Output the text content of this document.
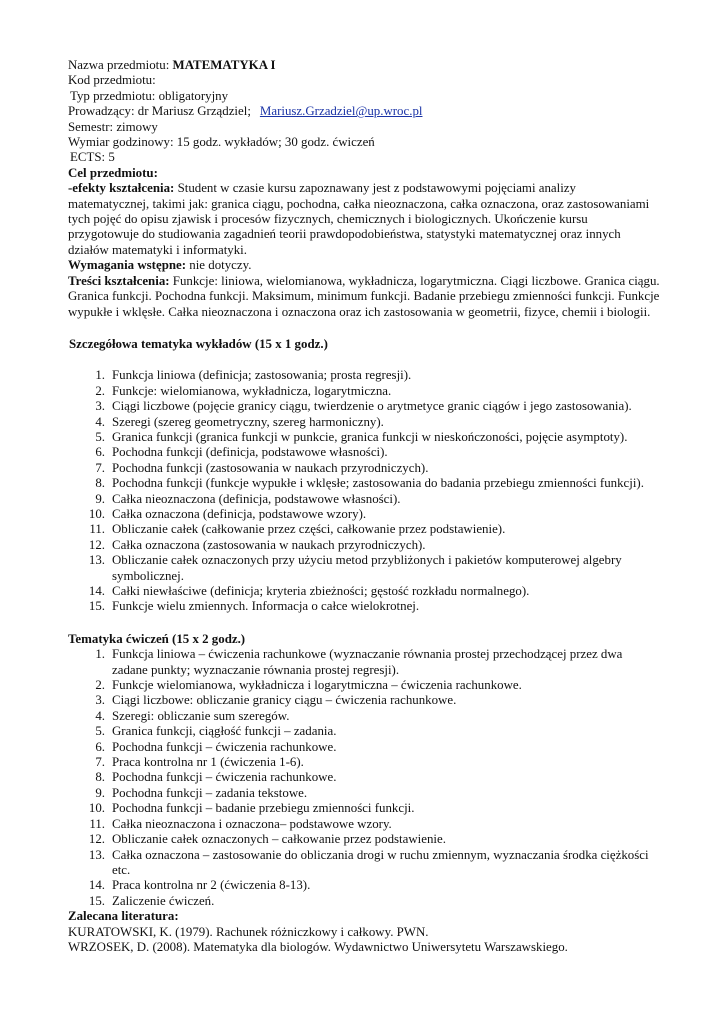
Nazwa przedmiotu: MATEMATYKA I
Kod przedmiotu:
Typ przedmiotu: obligatoryjny
Prowadzący: dr Mariusz Grządziel; Mariusz.Grzadziel@up.wroc.pl
Semestr: zimowy
Wymiar godzinowy: 15 godz. wykładów; 30 godz. ćwiczeń
ECTS: 5
Cel przedmiotu:
-efekty kształcenia: Student w czasie kursu zapoznawany jest z podstawowymi pojęciami analizy matematycznej, takimi jak: granica ciągu, pochodna, całka nieoznaczona, całka oznaczona, oraz zastosowaniami tych pojęć do opisu zjawisk i procesów fizycznych, chemicznych i biologicznych. Ukończenie kursu przygotowuje do studiowania zagadnień teorii prawdopodobieństwa, statystyki matematycznej oraz innych działów matematyki i informatyki.
Wymagania wstępne: nie dotyczy.
Treści kształcenia: Funkcje: liniowa, wielomianowa, wykładnicza, logarytmiczna. Ciągi liczbowe. Granica ciągu. Granica funkcji. Pochodna funkcji. Maksimum, minimum funkcji. Badanie przebiegu zmienności funkcji. Funkcje wypukłe i wklęsłe. Całka nieoznaczona i oznaczona oraz ich zastosowania w geometrii, fizyce, chemii i biologii.
Szczegółowa tematyka wykładów (15 x 1 godz.)
1. Funkcja liniowa (definicja; zastosowania; prosta regresji).
2. Funkcje: wielomianowa, wykładnicza, logarytmiczna.
3. Ciągi liczbowe (pojęcie granicy ciągu, twierdzenie o arytmetyce granic ciągów i jego zastosowania).
4. Szeregi (szereg geometryczny, szereg harmoniczny).
5. Granica funkcji (granica funkcji w punkcie, granica funkcji w nieskończoności, pojęcie asymptoty).
6. Pochodna funkcji (definicja, podstawowe własności).
7. Pochodna funkcji (zastosowania w naukach przyrodniczych).
8. Pochodna funkcji (funkcje wypukłe i wklęsłe; zastosowania do badania przebiegu zmienności funkcji).
9. Całka nieoznaczona (definicja, podstawowe własności).
10. Całka oznaczona (definicja, podstawowe wzory).
11. Obliczanie całek (całkowanie przez części, całkowanie przez podstawienie).
12. Całka oznaczona (zastosowania w naukach przyrodniczych).
13. Obliczanie całek oznaczonych przy użyciu metod przybliżonych i pakietów komputerowej algebry symbolicznej.
14. Całki niewłaściwe (definicja; kryteria zbieżności; gęstość rozkładu normalnego).
15. Funkcje wielu zmiennych. Informacja o całce wielokrotnej.
Tematyka ćwiczeń (15 x 2 godz.)
1. Funkcja liniowa – ćwiczenia rachunkowe (wyznaczanie równania prostej przechodzącej przez dwa zadane punkty; wyznaczanie równania prostej regresji).
2. Funkcje wielomianowa, wykładnicza i logarytmiczna – ćwiczenia rachunkowe.
3. Ciągi liczbowe: obliczanie granicy ciągu – ćwiczenia rachunkowe.
4. Szeregi: obliczanie sum szeregów.
5. Granica funkcji, ciągłość funkcji – zadania.
6. Pochodna funkcji – ćwiczenia rachunkowe.
7. Praca kontrolna nr 1 (ćwiczenia 1-6).
8. Pochodna funkcji – ćwiczenia rachunkowe.
9. Pochodna funkcji – zadania tekstowe.
10. Pochodna funkcji – badanie przebiegu zmienności funkcji.
11. Całka nieoznaczona i oznaczona– podstawowe wzory.
12. Obliczanie całek oznaczonych – całkowanie przez podstawienie.
13. Całka oznaczona – zastosowanie do obliczania drogi w ruchu zmiennym, wyznaczania środka ciężkości etc.
14. Praca kontrolna nr 2 (ćwiczenia 8-13).
15. Zaliczenie ćwiczeń.
Zalecana literatura:
KURATOWSKI, K. (1979). Rachunek różniczkowy i całkowy. PWN.
WRZOSEK, D. (2008). Matematyka dla biologów. Wydawnictwo Uniwersytetu Warszawskiego.
